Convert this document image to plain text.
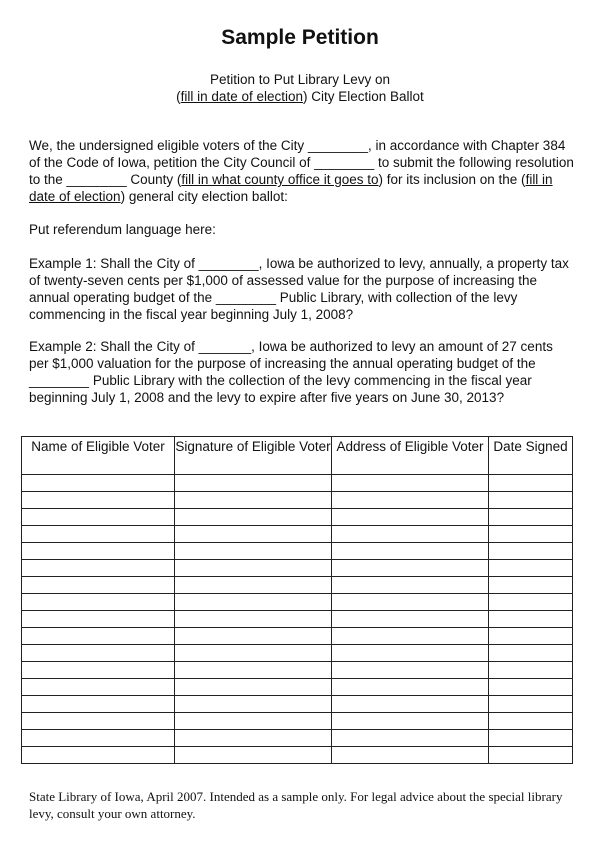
Sample Petition
Petition to Put Library Levy on
(fill in date of election) City Election Ballot
We, the undersigned eligible voters of the City ________, in accordance with Chapter 384 of the Code of Iowa, petition the City Council of ________ to submit the following resolution to the ________ County (fill in what county office it goes to) for its inclusion on the (fill in date of election) general city election ballot:
Put referendum language here:
Example 1: Shall the City of ________, Iowa be authorized to levy, annually, a property tax of twenty-seven cents per $1,000 of assessed value for the purpose of increasing the annual operating budget of the ________ Public Library, with collection of the levy commencing in the fiscal year beginning July 1, 2008?
Example 2: Shall the City of _______, Iowa be authorized to levy an amount of 27 cents per $1,000 valuation for the purpose of increasing the annual operating budget of the ________ Public Library with the collection of the levy commencing in the fiscal year beginning July 1, 2008 and the levy to expire after five years on June 30, 2013?
Name of Eligible Voter	Signature of Eligible Voter	Address of Eligible Voter	Date Signed

State Library of Iowa, April 2007. Intended as a sample only. For legal advice about the special library levy, consult your own attorney.
